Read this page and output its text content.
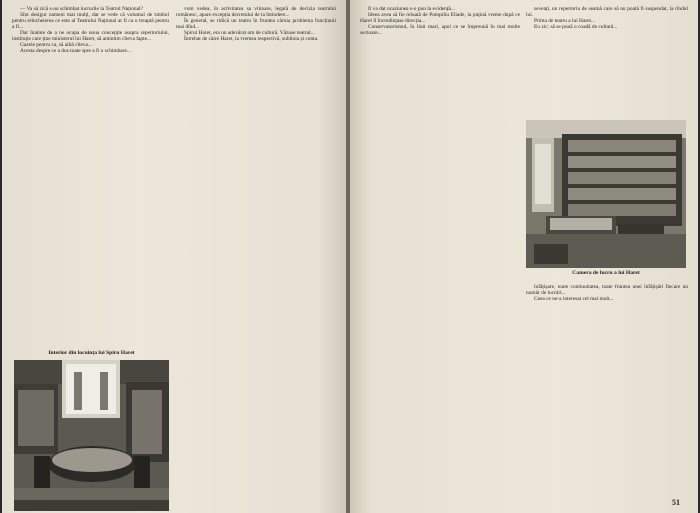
— Va să zică s-au schimbat lucrurile la Teatrul Național?

Sînt desigur oameni mai mulți, dar se vede că volumul de simbol pentru reîncheierea ce este al Teatrului Național ar fi ca o treaptă pentru a fi...

Dar înainte de a ne ocupa de noua concepție asupra repertoriului, instituție care ține ministerul lui Haret, să amintim cîteva fapte...

Gazele pentru ca, să aibă cîteva...

Acesta despre ce a dus toate spre a fi o schimbare...

vom vedea, în activitatea sa viitoare, legată de decizia teatrului românesc, apare excepția decretului de la întindere...

În general, se ridică un teatru în fruntea căruia problema funcțiunii mai dînd...

Spirul Haret, era un adevărat om de cultură. Văzuse teatrul...

Întrebat de către Haret, la vremea respectivă, sublinia și conta.

Interior din locuința lui Spiru Haret

Il va dat ocaziunea s-o pun la evidență...

Ideea avea să fie reluată de Pompiliu Eliade, la puțină vreme după ce Haret îl încredințase direcția...

Conservatorismul, în linii mari, apoi ce se împreună în mai multe sectoare...

seveați, un repertoriu de seamă care să nu poată fi suspendat, la rîndul lui.

Prima de teatru a lui Haret...

Eu zic: să se pună o coadă de cultură...

Camera de lucru a lui Haret

înfățișare, toate continuitatea, toate fruntea unei înfățișări fiecare un număr de lucrări...

Ceea ce ne-a interesat cel mai mult...

51
